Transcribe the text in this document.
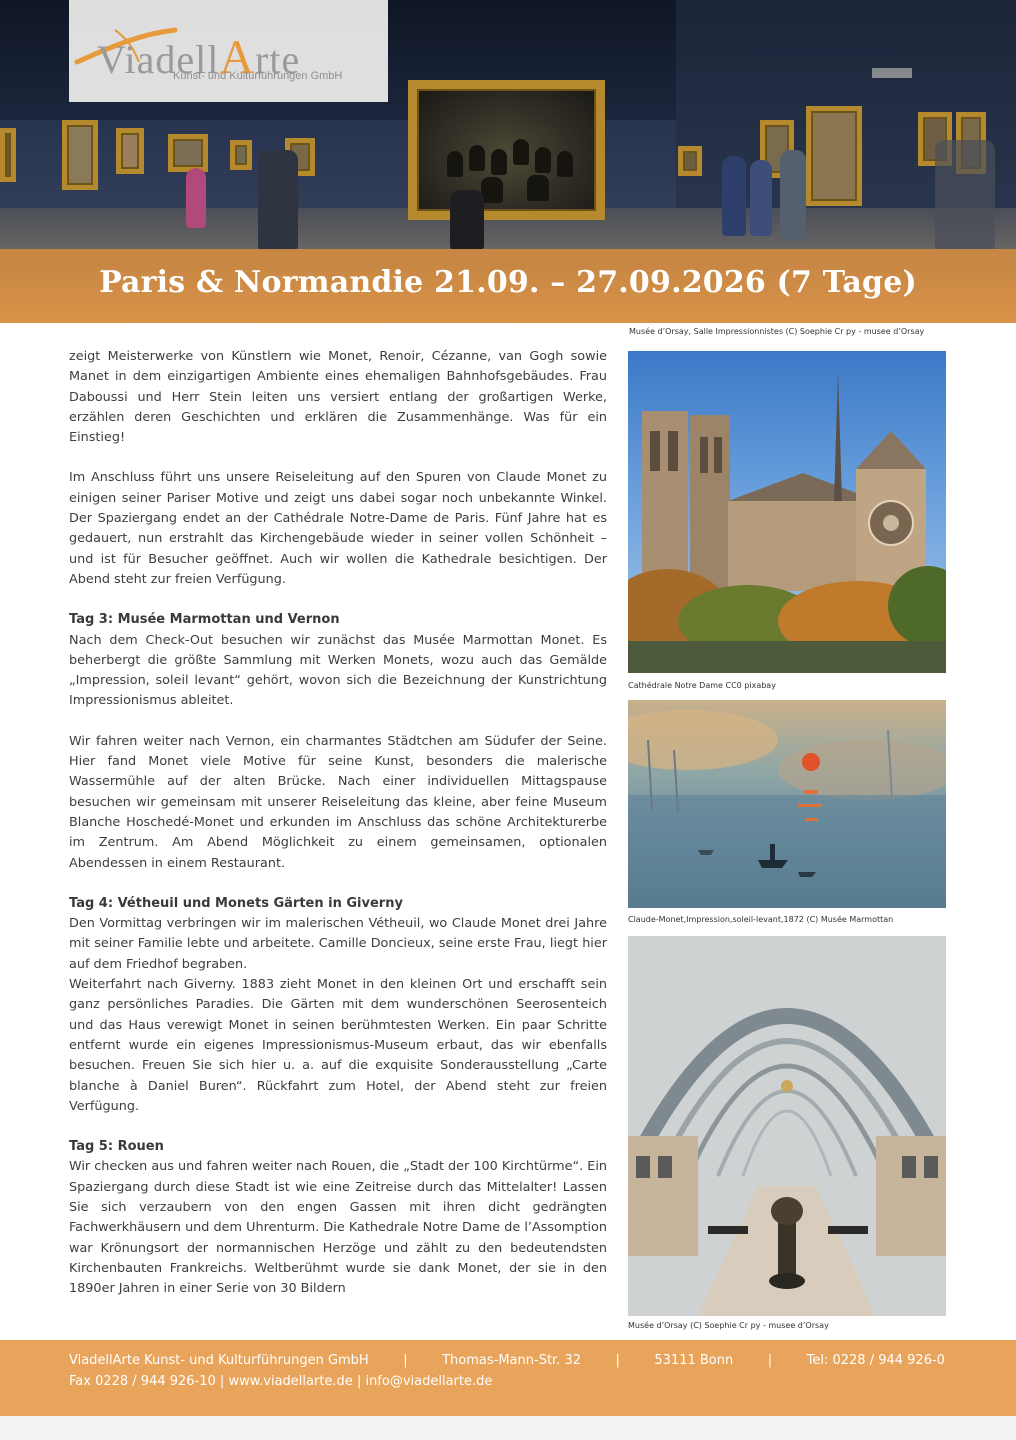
ViadellArte
Kunst- und Kulturführungen GmbH
Paris & Normandie 21.09. – 27.09.2026 (7 Tage)
Musée d’Orsay, Salle Impressionnistes (C) Soephie Cr py - musee d’Orsay

zeigt Meisterwerke von Künstlern wie Monet, Renoir, Cézanne, van Gogh sowie Manet in dem einzigartigen Ambiente eines ehemaligen Bahnhofsgebäudes. Frau Daboussi und Herr Stein leiten uns versiert entlang der großartigen Werke, erzählen deren Geschichten und erklären die Zusammenhänge. Was für ein Einstieg!

Im Anschluss führt uns unsere Reiseleitung auf den Spuren von Claude Monet zu einigen seiner Pariser Motive und zeigt uns dabei sogar noch unbekannte Winkel. Der Spaziergang endet an der Cathédrale Notre-Dame de Paris. Fünf Jahre hat es gedauert, nun erstrahlt das Kirchengebäude wieder in seiner vollen Schönheit – und ist für Besucher geöffnet. Auch wir wollen die Kathedrale besichtigen. Der Abend steht zur freien Verfügung.

Tag 3: Musée Marmottan und Vernon

Nach dem Check-Out besuchen wir zunächst das Musée Marmottan Monet. Es beherbergt die größte Sammlung mit Werken Monets, wozu auch das Gemälde „Impression, soleil levant“ gehört, wovon sich die Bezeichnung der Kunstrichtung Impressionismus ableitet.

Wir fahren weiter nach Vernon, ein charmantes Städtchen am Südufer der Seine. Hier fand Monet viele Motive für seine Kunst, besonders die malerische Wassermühle auf der alten Brücke. Nach einer individuellen Mittagspause besuchen wir gemeinsam mit unserer Reiseleitung das kleine, aber feine Museum Blanche Hoschedé-Monet und erkunden im Anschluss das schöne Architekturerbe im Zentrum. Am Abend Möglichkeit zu einem gemeinsamen, optionalen Abendessen in einem Restaurant.

Tag 4: Vétheuil und Monets Gärten in Giverny

Den Vormittag verbringen wir im malerischen Vétheuil, wo Claude Monet drei Jahre mit seiner Familie lebte und arbeitete. Camille Doncieux, seine erste Frau, liegt hier auf dem Friedhof begraben.

Weiterfahrt nach Giverny. 1883 zieht Monet in den kleinen Ort und erschafft sein ganz persönliches Paradies. Die Gärten mit dem wunderschönen Seerosenteich und das Haus verewigt Monet in seinen berühmtesten Werken. Ein paar Schritte entfernt wurde ein eigenes Impressionismus-Museum erbaut, das wir ebenfalls besuchen. Freuen Sie sich hier u. a. auf die exquisite Sonderausstellung „Carte blanche à Daniel Buren“. Rückfahrt zum Hotel, der Abend steht zur freien Verfügung.

Tag 5: Rouen

Wir checken aus und fahren weiter nach Rouen, die „Stadt der 100 Kirchtürme“. Ein Spaziergang durch diese Stadt ist wie eine Zeitreise durch das Mittelalter! Lassen Sie sich verzaubern von den engen Gassen mit ihren dicht gedrängten Fachwerkhäusern und dem Uhrenturm. Die Kathedrale Notre Dame de l’Assomption war Krönungsort der normannischen Herzöge und zählt zu den bedeutendsten Kirchenbauten Frankreichs. Weltberühmt wurde sie dank Monet, der sie in den 1890er Jahren in einer Serie von 30 Bildern

Cathédrale Notre Dame CC0 pixabay
Claude-Monet,Impression,soleil-levant,1872 (C) Musée Marmottan
Musée d’Orsay (C) Soephie Cr py - musee d’Orsay
ViadellArte Kunst- und Kulturführungen GmbH	|	Thomas-Mann-Str. 32	|	53111 Bonn	|	Tel: 0228 / 944 926-0
Fax 0228 / 944 926-10 | www.viadellarte.de | info@viadellarte.de
